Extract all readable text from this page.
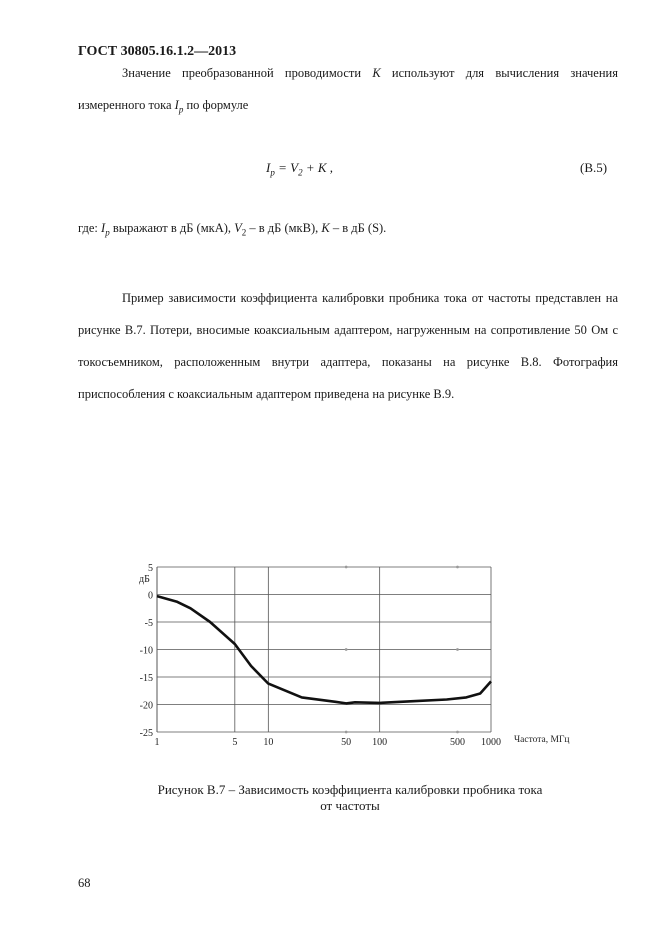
ГОСТ 30805.16.1.2—2013
Значение преобразованной проводимости K используют для вычисления значения измеренного тока $I_p$ по формуле
$I_p = V_2 + K$ ,	(В.5)
где: $I_p$ выражают в дБ (мкА), $V_2$ – в дБ (мкВ), K – в дБ (S).
Пример зависимости коэффициента калибровки пробника тока от частоты представлен на рисунке В.7. Потери, вносимые коаксиальным адаптером, нагруженным на сопротивление 50 Ом с токосъемником, расположенным внутри адаптера, показаны на рисунке В.8. Фотография приспособления с коаксиальным адаптером приведена на рисунке В.9.
5
0
-5
-10
-15
-20
-25
1	5	10	50 100	500 1000
дБ
Частота, МГц
Рисунок В.7 – Зависимость коэффициента калибровки пробника тока
от частоты
68
